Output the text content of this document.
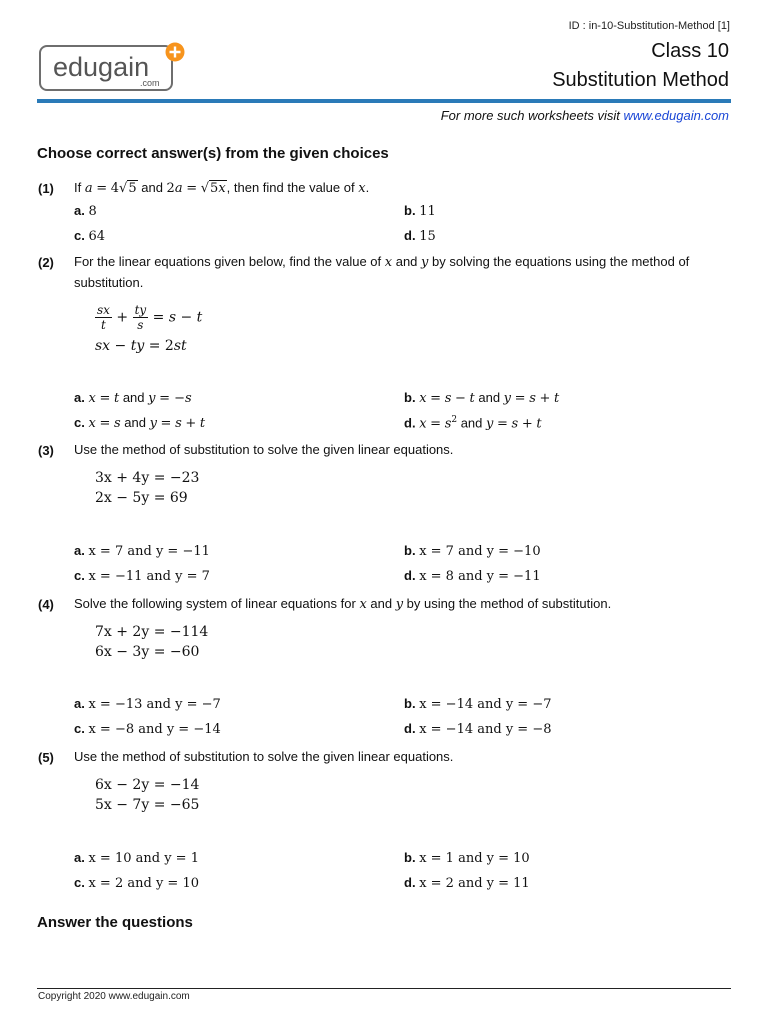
ID : in-10-Substitution-Method [1]
edugain
.com
Class 10
Substitution Method
For more such worksheets visit www.edugain.com
Choose correct answer(s) from the given choices
(1) If a = 4√5 and 2a = √5x, then find the value of x.
a. 8	b. 11
c. 64	d. 15
(2) For the linear equations given below, find the value of x and y by solving the equations using the method of substitution.
$\frac{sx}{t} + \frac{ty}{s} = s - t$
sx − ty = 2st
a. x = t and y = −s	b. x = s − t and y = s + t
c. x = s and y = s + t	d. $x = s^2$ and y = s + t
(3) Use the method of substitution to solve the given linear equations.
3x + 4y = −23
2x − 5y = 69
a. x = 7 and y = −11	b. x = 7 and y = −10
c. x = −11 and y = 7	d. x = 8 and y = −11
(4) Solve the following system of linear equations for x and y by using the method of substitution.
7x + 2y = −114
6x − 3y = −60
a. x = −13 and y = −7	b. x = −14 and y = −7
c. x = −8 and y = −14	d. x = −14 and y = −8
(5) Use the method of substitution to solve the given linear equations.
6x − 2y = −14
5x − 7y = −65
a. x = 10 and y = 1	b. x = 1 and y = 10
c. x = 2 and y = 10	d. x = 2 and y = 11
Answer the questions
Copyright 2020 www.edugain.com
